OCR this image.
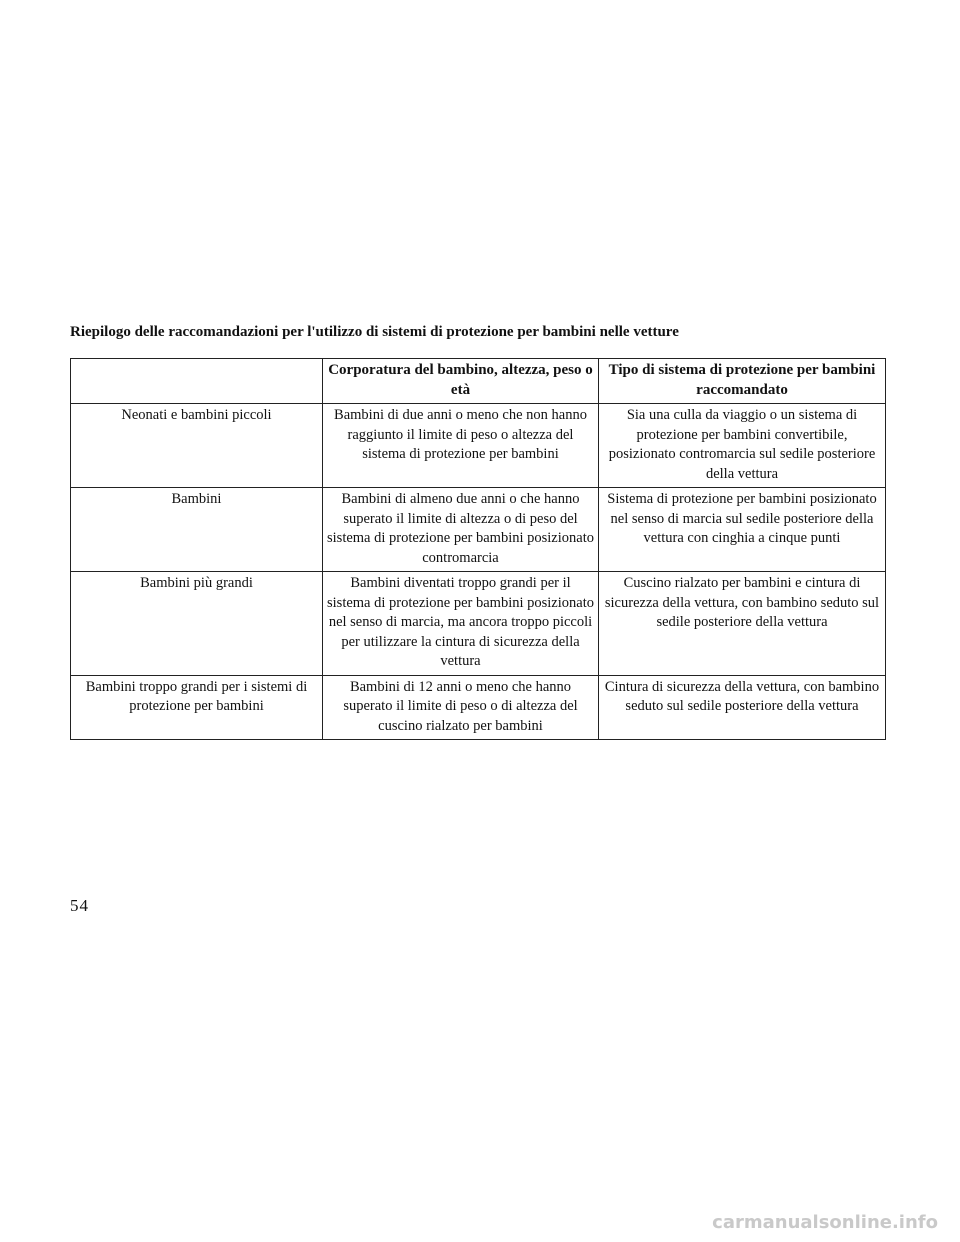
Riepilogo delle raccomandazioni per l'utilizzo di sistemi di protezione per bambini nelle vetture
	Corporatura del bambino, altezza, peso o età	Tipo di sistema di protezione per bambini raccomandato
Neonati e bambini piccoli	Bambini di due anni o meno che non hanno raggiunto il limite di peso o altezza del sistema di protezione per bambini	Sia una culla da viaggio o un sistema di protezione per bambini convertibile, posizionato contromarcia sul sedile posteriore della vettura
Bambini	Bambini di almeno due anni o che hanno superato il limite di altezza o di peso del sistema di protezione per bambini posizionato contromarcia	Sistema di protezione per bambini posizionato nel senso di marcia sul sedile posteriore della vettura con cinghia a cinque punti
Bambini più grandi	Bambini diventati troppo grandi per il sistema di protezione per bambini posizionato nel senso di marcia, ma ancora troppo piccoli per utilizzare la cintura di sicurezza della vettura	Cuscino rialzato per bambini e cintura di sicurezza della vettura, con bambino seduto sul sedile posteriore della vettura
Bambini troppo grandi per i sistemi di protezione per bambini	Bambini di 12 anni o meno che hanno superato il limite di peso o di altezza del cuscino rialzato per bambini	Cintura di sicurezza della vettura, con bambino seduto sul sedile posteriore della vettura
54
carmanualsonline.info
